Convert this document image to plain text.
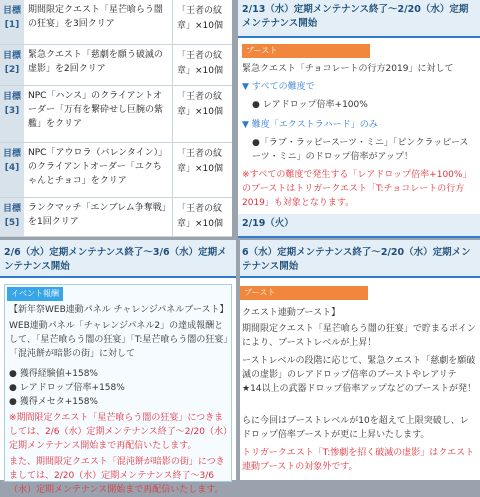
目標[1]
期間限定クエスト「星芒喰らう闇の狂宴」を3回クリア
「王者の紋章」×10個
目標[2]
緊急クエスト「慈劇を願う破滅の虚影」を2回クリア
「王者の紋章」×10個
目標[3]
NPC「ハンス」のクライアントオーダー「万有を繋砕せし巨腕の紫艦」をクリア
「王者の紋章」×10個
目標[4]
NPC「アウロラ（バレンタイン）」のクライアントオーダー「ユクちゃんとチョコ」をクリア
「王者の紋章」×10個
目標[5]
ランクマッチ「エンブレム争奪戦」を1回クリア
「王者の紋章」×10個
2/13（水）定期メンテナンス終了〜2/20（水）定期メンテナンス開始
ブースト
緊急クエスト「チョコレートの行方2019」に対して
▼ すべての難度で
● レアドロップ倍率+100%
▼ 難度「エクストラハード」のみ
●「ラブ・ラッピースーツ・ミニ」「ピンクラッピースーツ・ミニ」のドロップ倍率がアップ！
※すべての難度で発生する「レアドロップ倍率+100%」のブーストはトリガークエスト「T:チョコレートの行方2019」も対象となります。
2/19（火）
2/6（水）定期メンテナンス終了〜3/6（水）定期メンテナンス開始
イベント報酬
【新年祭WEB連動パネル チャレンジパネルブースト】
WEB連動パネル「チャレンジパネル2」の達成報酬として、「星芒喰らう闇の狂宴」「T:星芒喰らう闇の狂宴」「混沌餅が暗影の街」に対して
● 獲得経験値+158%
● レアドロップ倍率+158%
● 獲得メセタ+158%
※期間限定クエスト「星芒喰らう闇の狂宴」につきましては、2/6（水）定期メンテナンス終了〜2/20（水）定期メンテナンス開始まで再配信いたします。
また、期間限定クエスト「混沌餅が暗影の街」につきましては、2/20（水）定期メンテナンス終了〜3/6（水）定期メンテナンス開始まで再配信いたします。
6（水）定期メンテナンス終了〜2/20（水）定期メンテナンス開始
ブースト
クエスト連動ブースト】
期間限定クエスト「星芒喰らう闇の狂宴」で貯まるポインにより、ブーストレベルが上昇！
ーストレベルの段階に応じて、緊急クエスト「慈劇を願破滅の虚影」のレアドロップ倍率のブーストやレアリテ★14以上の武器ドロップ倍率アップなどのブーストが発！
らに今回はブーストレベルが10を超えて上限突破し、レドロップ倍率ブーストが更に上昇いたします。
トリガークエスト「T:惨劇を招く破滅の虚影」はクエスト連動ブーストの対象外です。
